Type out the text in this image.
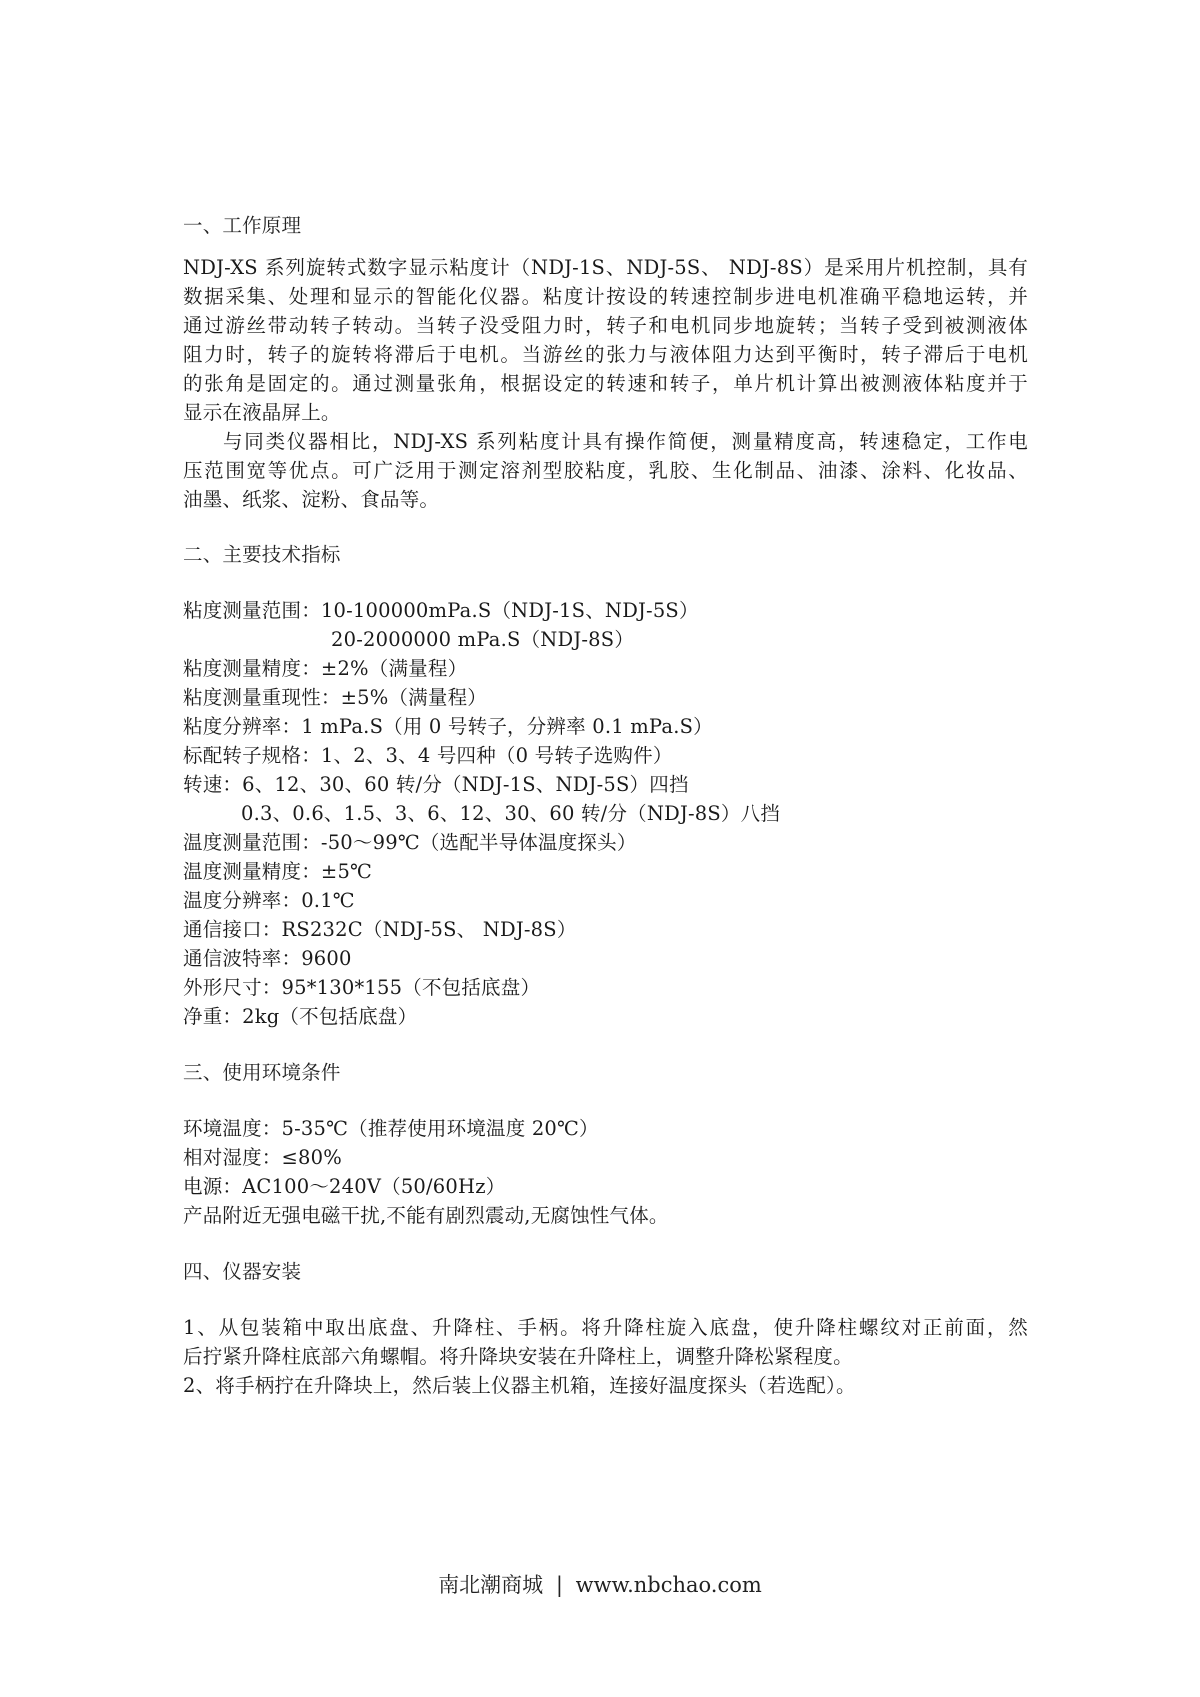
一、工作原理
NDJ-XS 系列旋转式数字显示粘度计（NDJ-1S、NDJ-5S、 NDJ-8S）是采用片机控制，具有
数据采集、处理和显示的智能化仪器。粘度计按设的转速控制步进电机准确平稳地运转，并
通过游丝带动转子转动。当转子没受阻力时，转子和电机同步地旋转；当转子受到被测液体
阻力时，转子的旋转将滞后于电机。当游丝的张力与液体阻力达到平衡时，转子滞后于电机
的张角是固定的。通过测量张角，根据设定的转速和转子，单片机计算出被测液体粘度并于
显示在液晶屏上。
与同类仪器相比，NDJ-XS 系列粘度计具有操作简便，测量精度高，转速稳定，工作电
压范围宽等优点。可广泛用于测定溶剂型胶粘度，乳胶、生化制品、油漆、涂料、化妆品、
油墨、纸浆、淀粉、食品等。
二、主要技术指标
粘度测量范围：10-100000mPa.S（NDJ-1S、NDJ-5S）
20-2000000 mPa.S（NDJ-8S）
粘度测量精度：±2%（满量程）
粘度测量重现性：±5%（满量程）
粘度分辨率：1 mPa.S（用 0 号转子，分辨率 0.1 mPa.S）
标配转子规格：1、2、3、4 号四种（0 号转子选购件）
转速：6、12、30、60 转/分（NDJ-1S、NDJ-5S）四挡
0.3、0.6、1.5、3、6、12、30、60 转/分（NDJ-8S）八挡
温度测量范围：-50～99℃（选配半导体温度探头）
温度测量精度：±5℃
温度分辨率：0.1℃
通信接口：RS232C（NDJ-5S、 NDJ-8S）
通信波特率：9600
外形尺寸：95*130*155（不包括底盘）
净重：2kg（不包括底盘）
三、使用环境条件
环境温度：5-35℃（推荐使用环境温度 20℃）
相对湿度：≤80%
电源：AC100～240V（50/60Hz）
产品附近无强电磁干扰,不能有剧烈震动,无腐蚀性气体。
四、仪器安装
1、从包装箱中取出底盘、升降柱、手柄。将升降柱旋入底盘，使升降柱螺纹对正前面，然
后拧紧升降柱底部六角螺帽。将升降块安装在升降柱上，调整升降松紧程度。
2、将手柄拧在升降块上，然后装上仪器主机箱，连接好温度探头（若选配）。
南北潮商城 | www.nbchao.com
